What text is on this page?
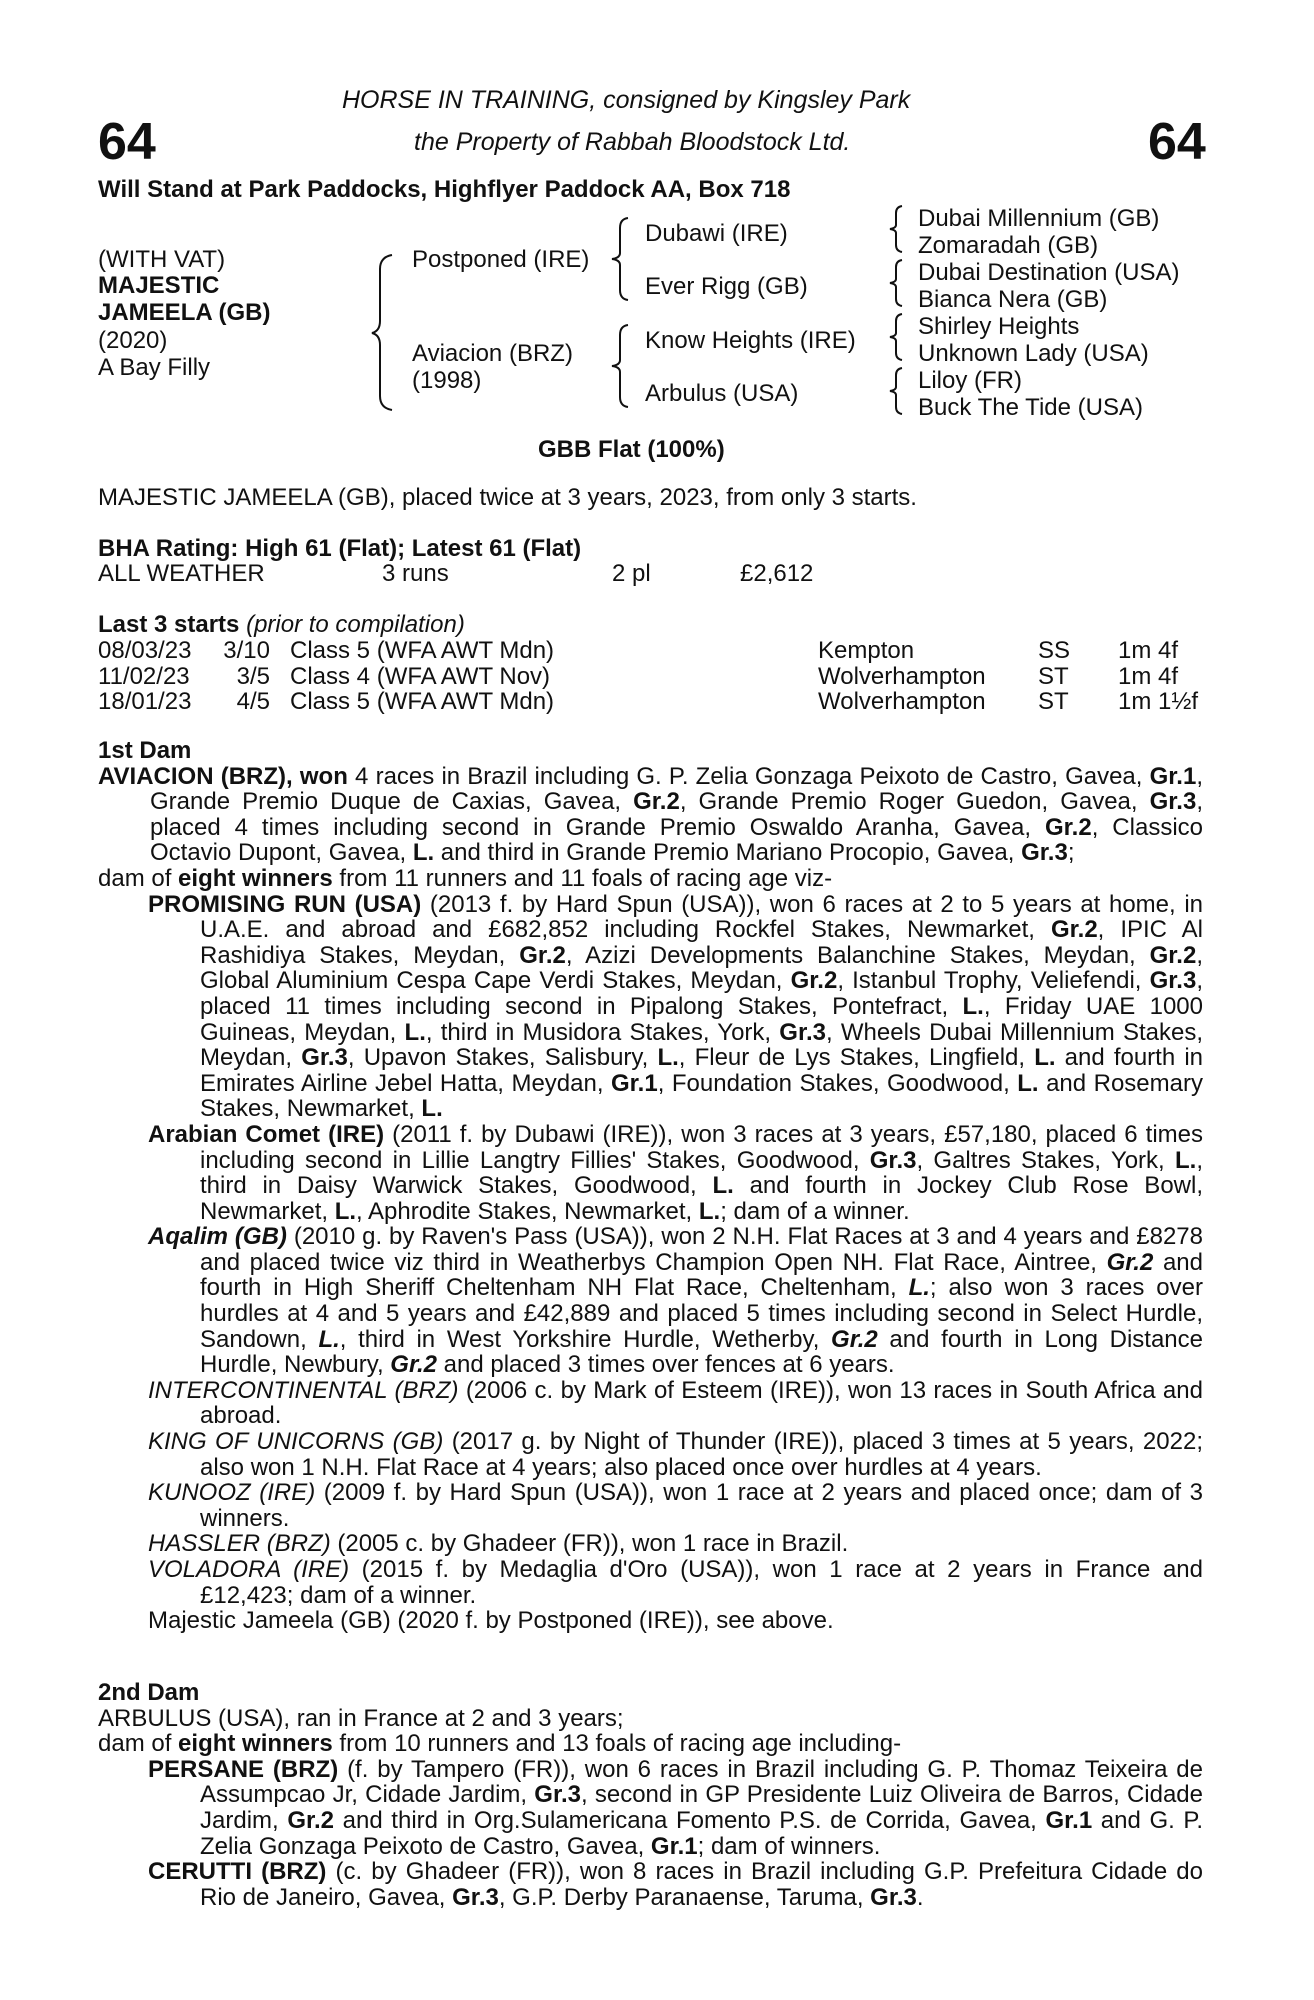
64	64
HORSE IN TRAINING, consigned by Kingsley Park
the Property of Rabbah Bloodstock Ltd.
Will Stand at Park Paddocks, Highflyer Paddock AA, Box 718
(WITH VAT)
MAJESTIC
JAMEELA (GB)
(2020)
A Bay Filly
Postponed (IRE)
Aviacion (BRZ)
(1998)
Dubawi (IRE)
Ever Rigg (GB)
Know Heights (IRE)
Arbulus (USA)
Dubai Millennium (GB)
Zomaradah (GB)
Dubai Destination (USA)
Bianca Nera (GB)
Shirley Heights
Unknown Lady (USA)
Liloy (FR)
Buck The Tide (USA)
GBB Flat (100%)
MAJESTIC JAMEELA (GB), placed twice at 3 years, 2023, from only 3 starts.
BHA Rating: High 61 (Flat); Latest 61 (Flat)
ALL WEATHER	3 runs	2 pl	£2,612
Last 3 starts (prior to compilation)
08/03/23 3/10 Class 5 (WFA AWT Mdn)	Kempton	SS 1m 4f
11/02/23 3/5 Class 4 (WFA AWT Nov)	Wolverhampton ST 1m 4f
18/01/23 4/5 Class 5 (WFA AWT Mdn)	Wolverhampton ST 1m 1½f
1st Dam
AVIACION (BRZ), won 4 races in Brazil including G. P. Zelia Gonzaga Peixoto de Castro, Gavea, Gr.1, Grande Premio Duque de Caxias, Gavea, Gr.2, Grande Premio Roger Guedon, Gavea, Gr.3, placed 4 times including second in Grande Premio Oswaldo Aranha, Gavea, Gr.2, Classico Octavio Dupont, Gavea, L. and third in Grande Premio Mariano Procopio, Gavea, Gr.3;
dam of eight winners from 11 runners and 11 foals of racing age viz-
PROMISING RUN (USA) (2013 f. by Hard Spun (USA)), won 6 races at 2 to 5 years at home, in U.A.E. and abroad and £682,852 including Rockfel Stakes, Newmarket, Gr.2, IPIC Al Rashidiya Stakes, Meydan, Gr.2, Azizi Developments Balanchine Stakes, Meydan, Gr.2, Global Aluminium Cespa Cape Verdi Stakes, Meydan, Gr.2, Istanbul Trophy, Veliefendi, Gr.3, placed 11 times including second in Pipalong Stakes, Pontefract, L., Friday UAE 1000 Guineas, Meydan, L., third in Musidora Stakes, York, Gr.3, Wheels Dubai Millennium Stakes, Meydan, Gr.3, Upavon Stakes, Salisbury, L., Fleur de Lys Stakes, Lingfield, L. and fourth in Emirates Airline Jebel Hatta, Meydan, Gr.1, Foundation Stakes, Goodwood, L. and Rosemary Stakes, Newmarket, L.
Arabian Comet (IRE) (2011 f. by Dubawi (IRE)), won 3 races at 3 years, £57,180, placed 6 times including second in Lillie Langtry Fillies' Stakes, Goodwood, Gr.3, Galtres Stakes, York, L., third in Daisy Warwick Stakes, Goodwood, L. and fourth in Jockey Club Rose Bowl, Newmarket, L., Aphrodite Stakes, Newmarket, L.; dam of a winner.
Aqalim (GB) (2010 g. by Raven's Pass (USA)), won 2 N.H. Flat Races at 3 and 4 years and £8278 and placed twice viz third in Weatherbys Champion Open NH. Flat Race, Aintree, Gr.2 and fourth in High Sheriff Cheltenham NH Flat Race, Cheltenham, L.; also won 3 races over hurdles at 4 and 5 years and £42,889 and placed 5 times including second in Select Hurdle, Sandown, L., third in West Yorkshire Hurdle, Wetherby, Gr.2 and fourth in Long Distance Hurdle, Newbury, Gr.2 and placed 3 times over fences at 6 years.
INTERCONTINENTAL (BRZ) (2006 c. by Mark of Esteem (IRE)), won 13 races in South Africa and abroad.
KING OF UNICORNS (GB) (2017 g. by Night of Thunder (IRE)), placed 3 times at 5 years, 2022; also won 1 N.H. Flat Race at 4 years; also placed once over hurdles at 4 years.
KUNOOZ (IRE) (2009 f. by Hard Spun (USA)), won 1 race at 2 years and placed once; dam of 3 winners.
HASSLER (BRZ) (2005 c. by Ghadeer (FR)), won 1 race in Brazil.
VOLADORA (IRE) (2015 f. by Medaglia d'Oro (USA)), won 1 race at 2 years in France and £12,423; dam of a winner.
Majestic Jameela (GB) (2020 f. by Postponed (IRE)), see above.
2nd Dam
ARBULUS (USA), ran in France at 2 and 3 years;
dam of eight winners from 10 runners and 13 foals of racing age including-
PERSANE (BRZ) (f. by Tampero (FR)), won 6 races in Brazil including G. P. Thomaz Teixeira de Assumpcao Jr, Cidade Jardim, Gr.3, second in GP Presidente Luiz Oliveira de Barros, Cidade Jardim, Gr.2 and third in Org.Sulamericana Fomento P.S. de Corrida, Gavea, Gr.1 and G. P. Zelia Gonzaga Peixoto de Castro, Gavea, Gr.1; dam of winners.
CERUTTI (BRZ) (c. by Ghadeer (FR)), won 8 races in Brazil including G.P. Prefeitura Cidade do Rio de Janeiro, Gavea, Gr.3, G.P. Derby Paranaense, Taruma, Gr.3.
